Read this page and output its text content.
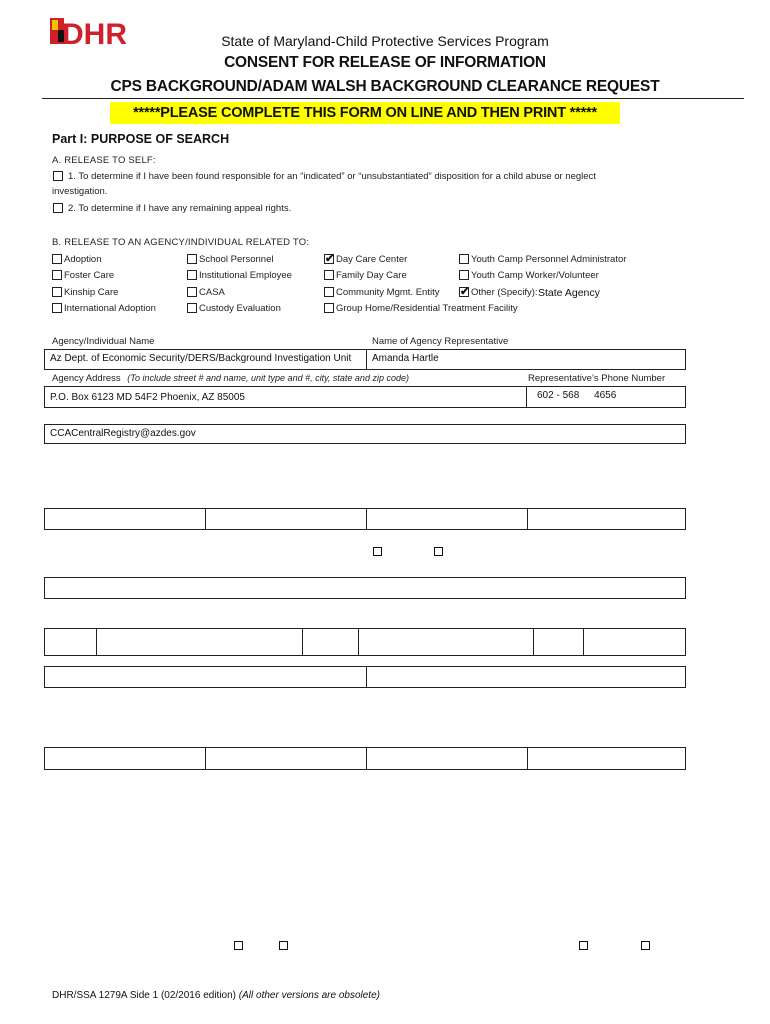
DHR	State of Maryland-Child Protective Services Program
CONSENT FOR RELEASE OF INFORMATION
CPS BACKGROUND/ADAM WALSH BACKGROUND CLEARANCE REQUEST
*****PLEASE COMPLETE THIS FORM ON LINE AND THEN PRINT *****
Part I: PURPOSE OF SEARCH
A. RELEASE TO SELF:
1. To determine if I have been found responsible for an “indicated” or “unsubstantiated” disposition for a child abuse or neglect
investigation.
2. To determine if I have any remaining appeal rights.
B. RELEASE TO AN AGENCY/INDIVIDUAL RELATED TO:
Adoption
Foster Care
Kinship Care
International Adoption
School Personnel
Institutional Employee
CASA
Custody Evaluation
✔ Day Care Center
Family Day Care
Community Mgmt. Entity
Group Home/Residential Treatment Facility
Youth Camp Personnel Administrator
Youth Camp Worker/Volunteer
✔ Other (Specify): State Agency
Agency/Individual Name	Name of Agency Representative
Az Dept. of Economic Security/DERS/Background Investigation Unit	Amanda Hartle
Agency Address (To include street # and name, unit type and #, city, state and zip code)	Representative’s Phone Number
P.O. Box 6123 MD 54F2 Phoenix, AZ 85005	602 - 568 4656
CCACentralRegistry@azdes.gov
DHR/SSA 1279A Side 1 (02/2016 edition) (All other versions are obsolete)
